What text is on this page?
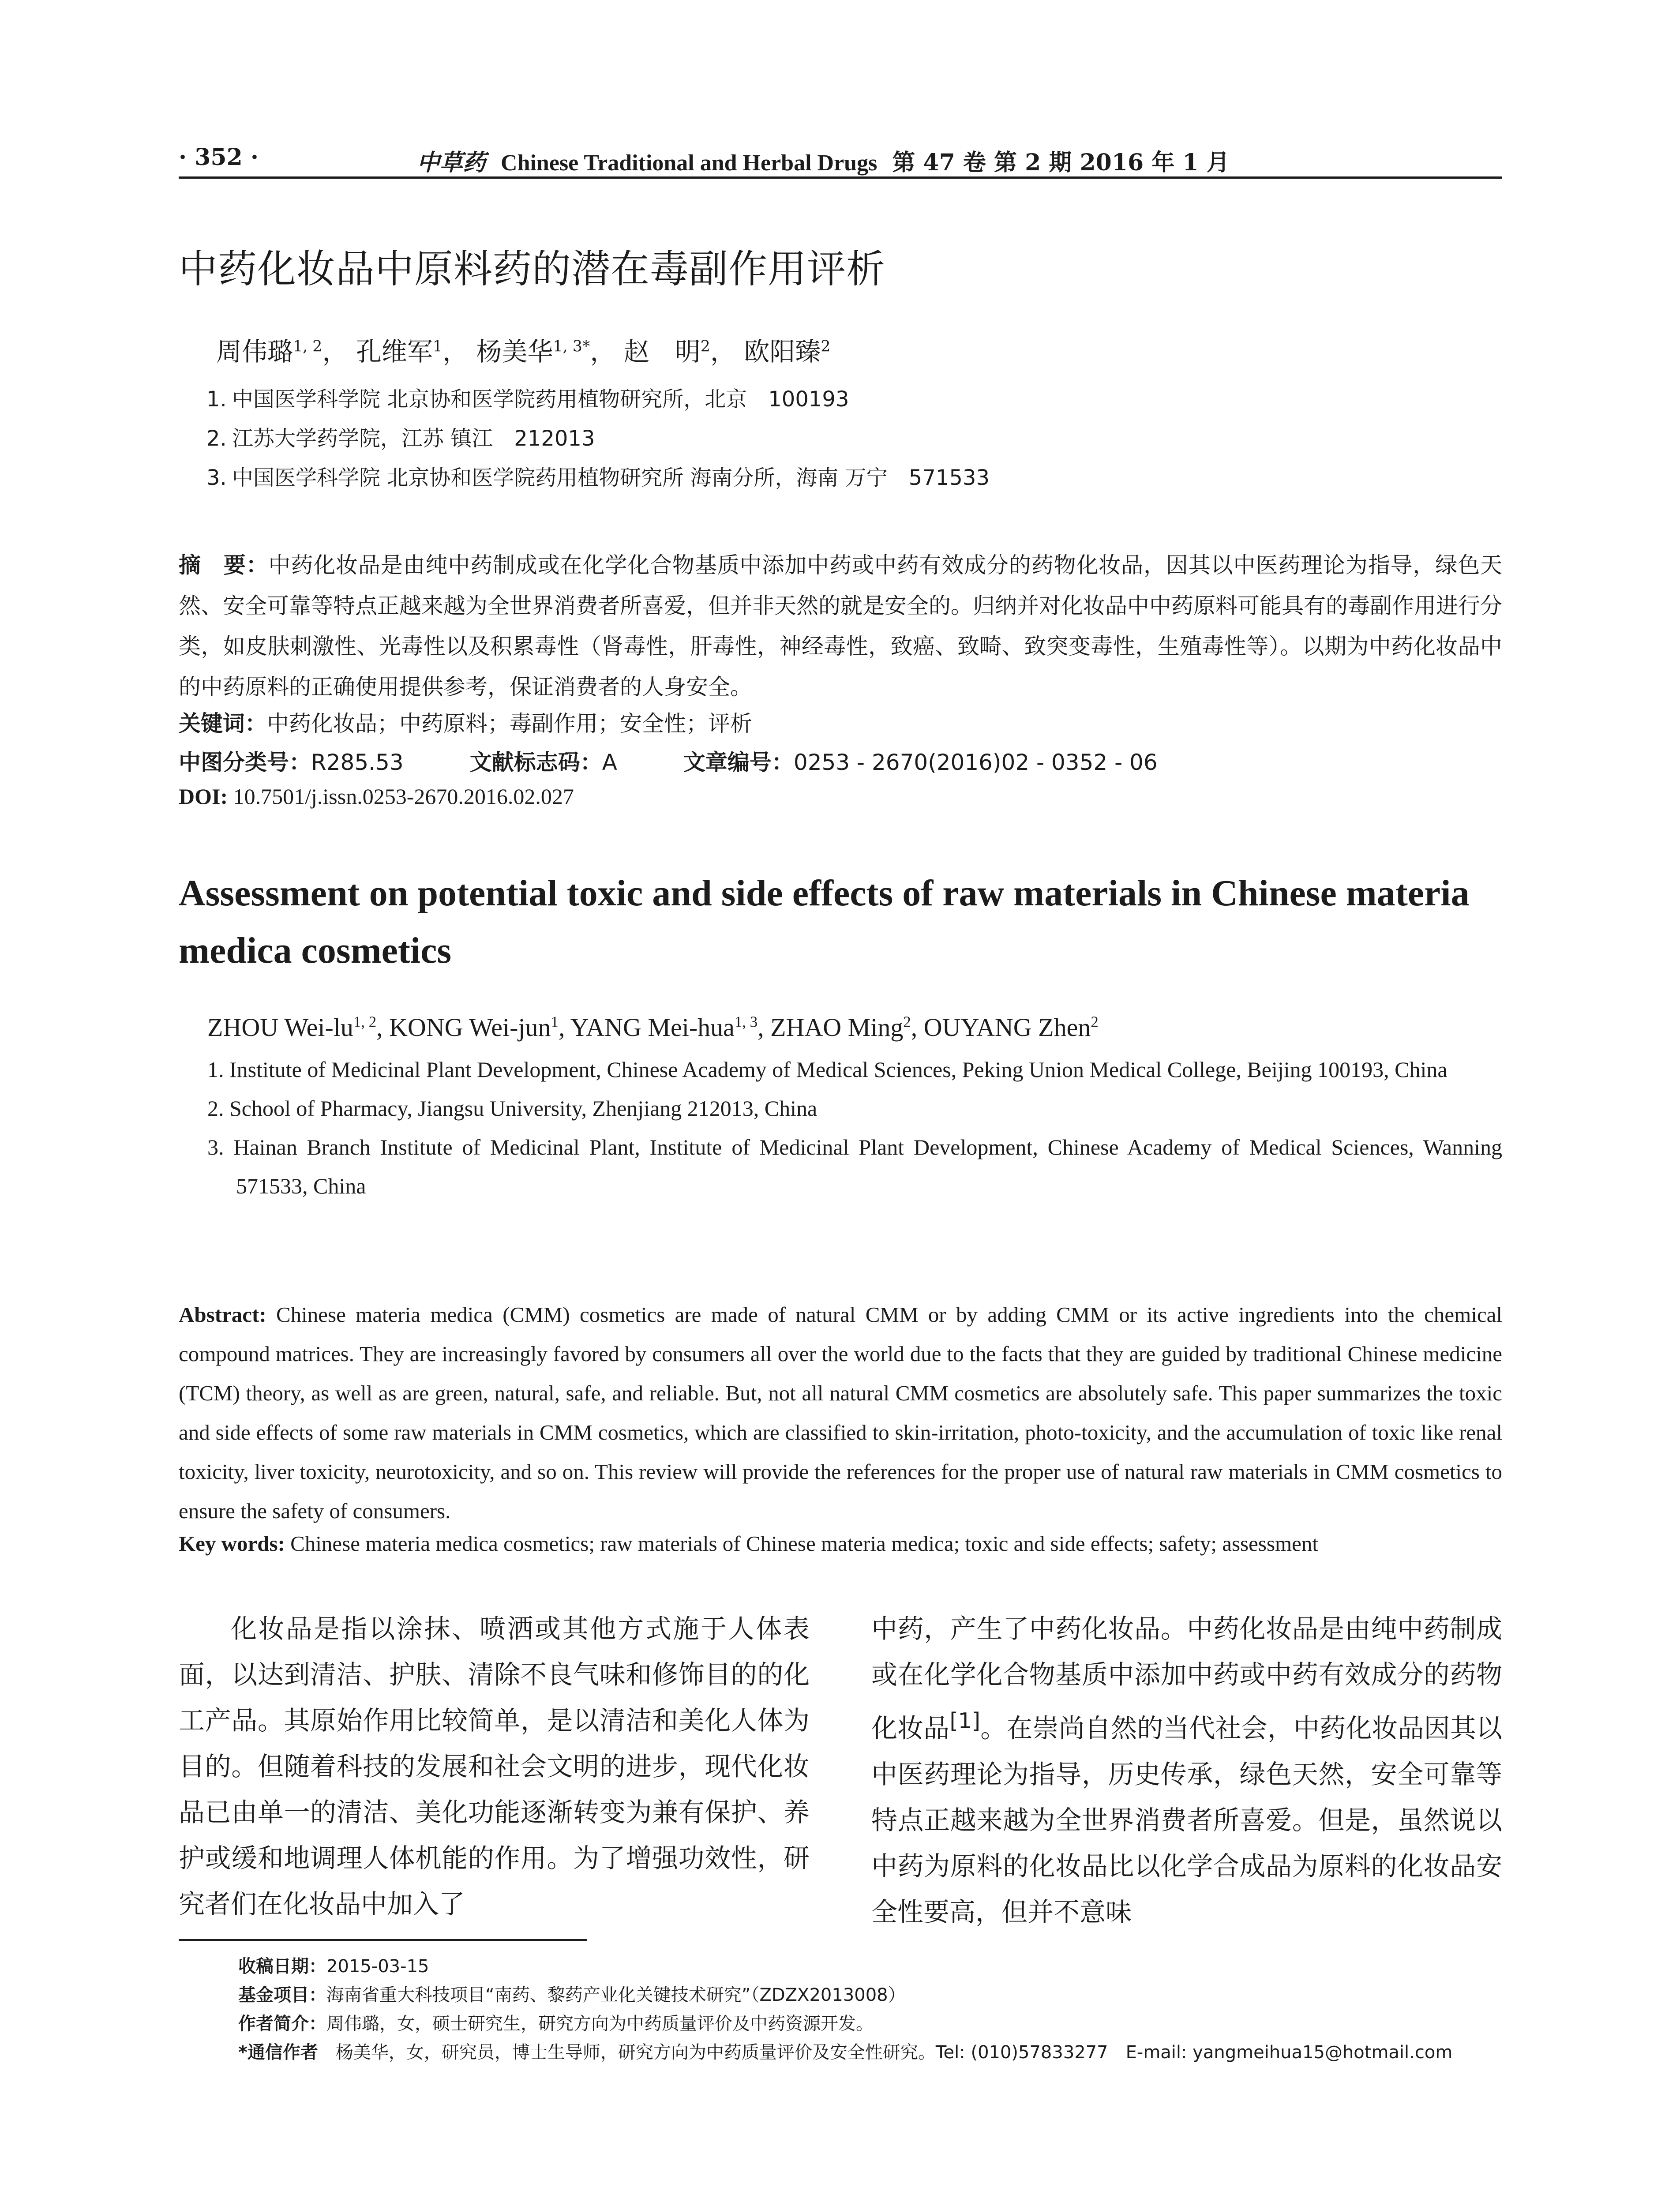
· 352 ·	中草药 Chinese Traditional and Herbal Drugs 第 47 卷 第 2 期 2016 年 1 月
中药化妆品中原料药的潜在毒副作用评析
周伟璐$^{1, 2}$， 孔维军$^1$， 杨美华$^{1, 3*}$， 赵　明$^2$， 欧阳臻$^2$
1. 中国医学科学院 北京协和医学院药用植物研究所，北京　100193
2. 江苏大学药学院，江苏 镇江　212013
3. 中国医学科学院 北京协和医学院药用植物研究所 海南分所，海南 万宁　571533
摘　要：中药化妆品是由纯中药制成或在化学化合物基质中添加中药或中药有效成分的药物化妆品，因其以中医药理论为指导，绿色天然、安全可靠等特点正越来越为全世界消费者所喜爱，但并非天然的就是安全的。归纳并对化妆品中中药原料可能具有的毒副作用进行分类，如皮肤刺激性、光毒性以及积累毒性（肾毒性，肝毒性，神经毒性，致癌、致畸、致突变毒性，生殖毒性等）。以期为中药化妆品中的中药原料的正确使用提供参考，保证消费者的人身安全。
关键词：中药化妆品；中药原料；毒副作用；安全性；评析
中图分类号：R285.53	文献标志码：A	文章编号：0253 - 2670(2016)02 - 0352 - 06
DOI: 10.7501/j.issn.0253-2670.2016.02.027
Assessment on potential toxic and side effects of raw materials in Chinese materia medica cosmetics
ZHOU Wei-lu$^{1, 2}$, KONG Wei-jun$^1$, YANG Mei-hua$^{1, 3}$, ZHAO Ming$^2$, OUYANG Zhen$^2$
1. Institute of Medicinal Plant Development, Chinese Academy of Medical Sciences, Peking Union Medical College, Beijing 100193, China
2. School of Pharmacy, Jiangsu University, Zhenjiang 212013, China
3. Hainan Branch Institute of Medicinal Plant, Institute of Medicinal Plant Development, Chinese Academy of Medical Sciences, Wanning 571533, China
Abstract: Chinese materia medica (CMM) cosmetics are made of natural CMM or by adding CMM or its active ingredients into the chemical compound matrices. They are increasingly favored by consumers all over the world due to the facts that they are guided by traditional Chinese medicine (TCM) theory, as well as are green, natural, safe, and reliable. But, not all natural CMM cosmetics are absolutely safe. This paper summarizes the toxic and side effects of some raw materials in CMM cosmetics, which are classified to skin-irritation, photo-toxicity, and the accumulation of toxic like renal toxicity, liver toxicity, neurotoxicity, and so on. This review will provide the references for the proper use of natural raw materials in CMM cosmetics to ensure the safety of consumers.
Key words: Chinese materia medica cosmetics; raw materials of Chinese materia medica; toxic and side effects; safety; assessment
化妆品是指以涂抹、喷洒或其他方式施于人体表面，以达到清洁、护肤、清除不良气味和修饰目的的化工产品。其原始作用比较简单，是以清洁和美化人体为目的。但随着科技的发展和社会文明的进步，现代化妆品已由单一的清洁、美化功能逐渐转变为兼有保护、养护或缓和地调理人体机能的作用。为了增强功效性，研究者们在化妆品中加入了
中药，产生了中药化妆品。中药化妆品是由纯中药制成或在化学化合物基质中添加中药或中药有效成分的药物化妆品[1]。在崇尚自然的当代社会，中药化妆品因其以中医药理论为指导，历史传承，绿色天然，安全可靠等特点正越来越为全世界消费者所喜爱。但是，虽然说以中药为原料的化妆品比以化学合成品为原料的化妆品安全性要高，但并不意味
收稿日期：2015-03-15
基金项目：海南省重大科技项目“南药、黎药产业化关键技术研究”（ZDZX2013008）
作者简介：周伟璐，女，硕士研究生，研究方向为中药质量评价及中药资源开发。
*通信作者　 杨美华，女，研究员，博士生导师，研究方向为中药质量评价及安全性研究。Tel: (010)57833277　E-mail: yangmeihua15@hotmail.com
